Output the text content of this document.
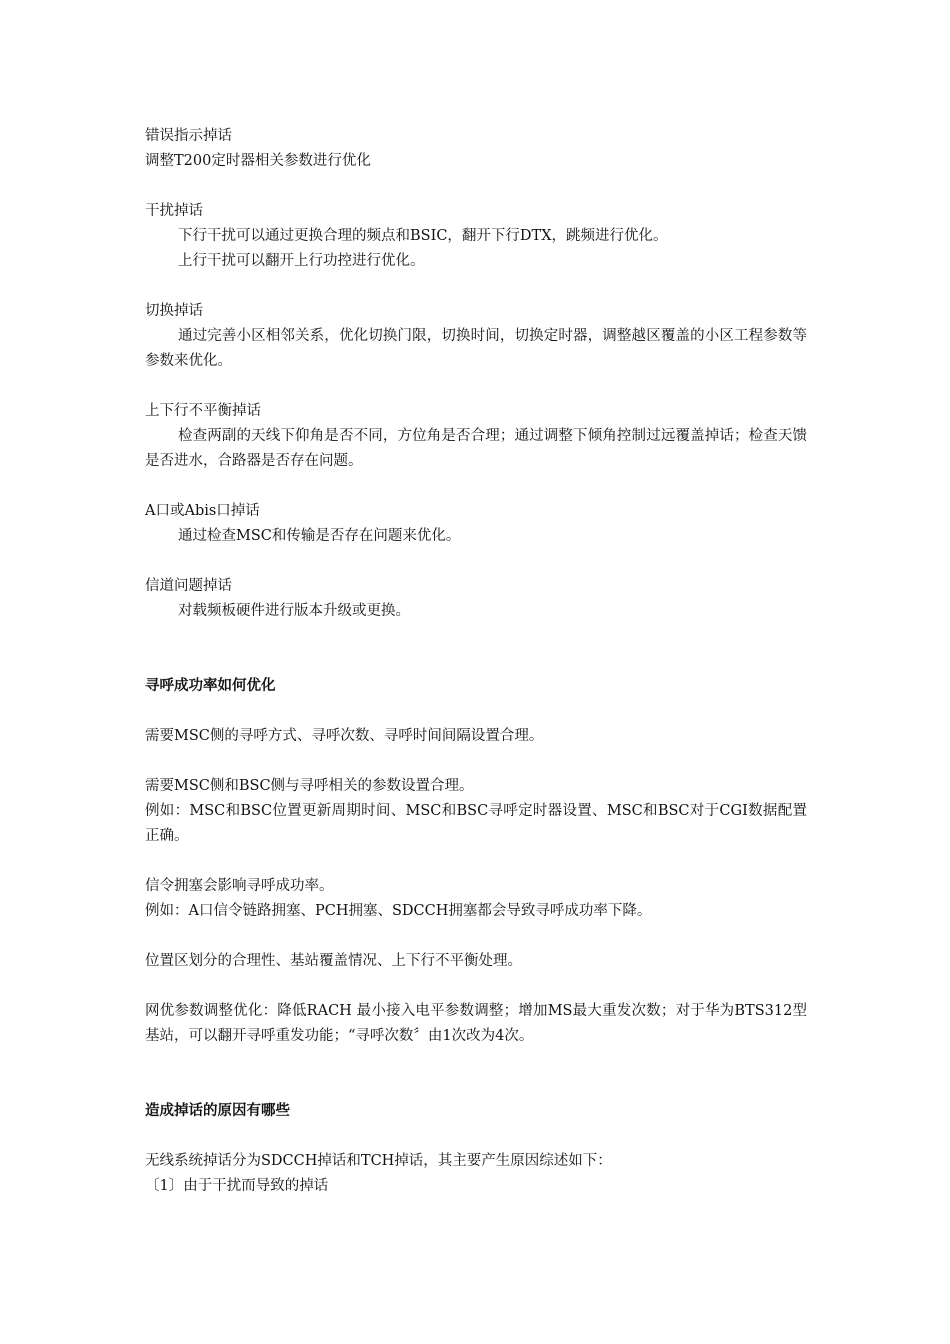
错误指示掉话

调整T200定时器相关参数进行优化

干扰掉话

下行干扰可以通过更换合理的频点和BSIC，翻开下行DTX，跳频进行优化。

上行干扰可以翻开上行功控进行优化。

切换掉话

通过完善小区相邻关系，优化切换门限，切换时间，切换定时器，调整越区覆盖的小区工程参数等参数来优化。

上下行不平衡掉话

检查两副的天线下仰角是否不同，方位角是否合理；通过调整下倾角控制过远覆盖掉话；检查天馈是否进水，合路器是否存在问题。

A口或Abis口掉话

通过检查MSC和传输是否存在问题来优化。

信道问题掉话

对载频板硬件进行版本升级或更换。

寻呼成功率如何优化

需要MSC侧的寻呼方式、寻呼次数、寻呼时间间隔设置合理。

需要MSC侧和BSC侧与寻呼相关的参数设置合理。

例如：MSC和BSC位置更新周期时间、MSC和BSC寻呼定时器设置、MSC和BSC对于CGI数据配置正确。

信令拥塞会影响寻呼成功率。

例如：A口信令链路拥塞、PCH拥塞、SDCCH拥塞都会导致寻呼成功率下降。

位置区划分的合理性、基站覆盖情况、上下行不平衡处理。

网优参数调整优化：降低RACH 最小接入电平参数调整；增加MS最大重发次数；对于华为BTS312型基站，可以翻开寻呼重发功能；“寻呼次数〞由1次改为4次。

造成掉话的原因有哪些

无线系统掉话分为SDCCH掉话和TCH掉话，其主要产生原因综述如下：

〔1〕由于干扰而导致的掉话
